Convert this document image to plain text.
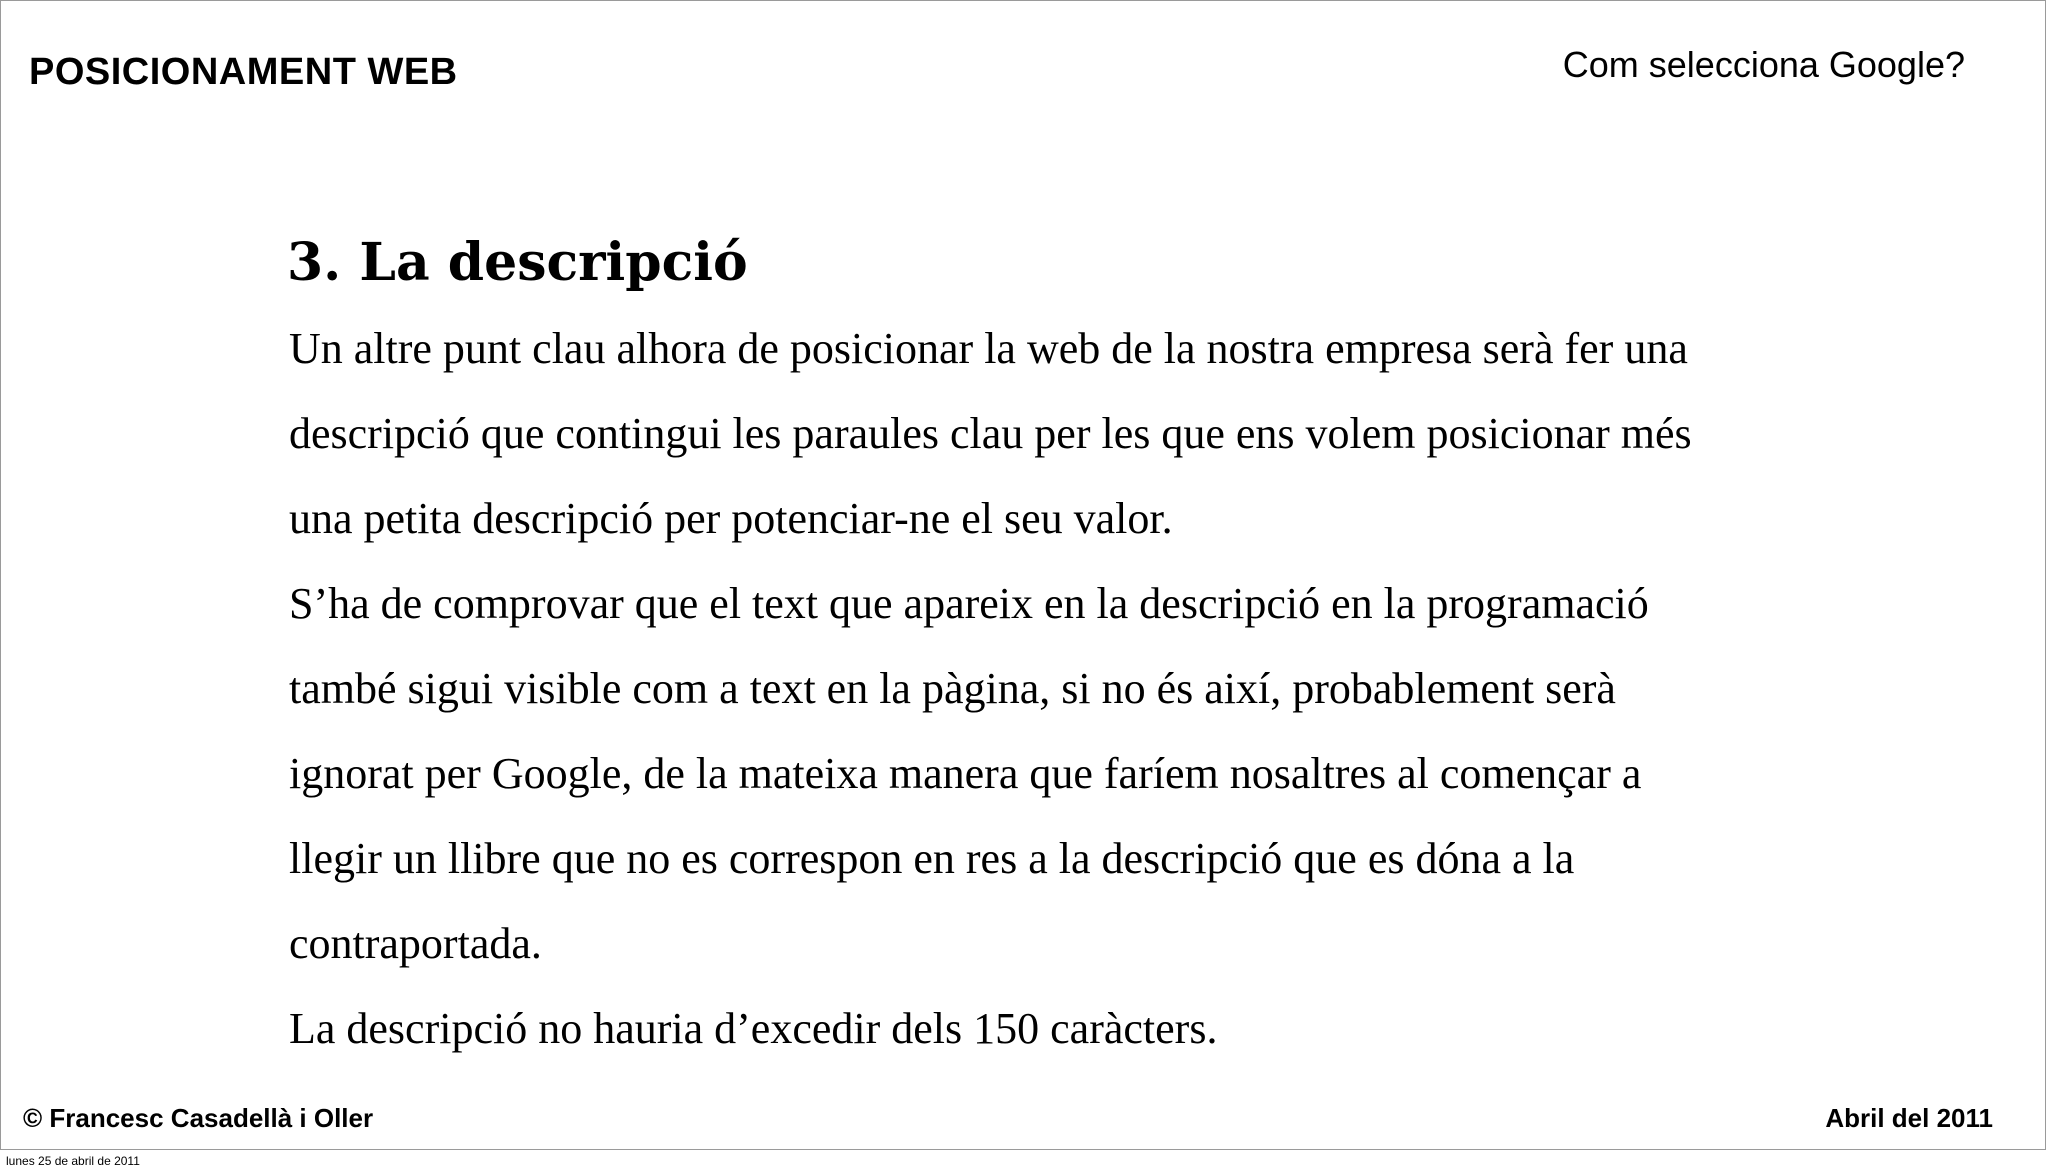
POSICIONAMENT WEB	Com selecciona Google?
3. La descripció

Un altre punt clau alhora de posicionar la web de la nostra empresa serà fer una
descripció que contingui les paraules clau per les que ens volem posicionar més
una petita descripció per potenciar-ne el seu valor.

S’ha de comprovar que el text que apareix en la descripció en la programació
també sigui visible com a text en la pàgina, si no és així, probablement serà
ignorat per Google, de la mateixa manera que faríem nosaltres al començar a
llegir un llibre que no es correspon en res a la descripció que es dóna a la
contraportada.

La descripció no hauria d’excedir dels 150 caràcters.

© Francesc Casadellà i Oller	Abril del 2011
lunes 25 de abril de 2011
